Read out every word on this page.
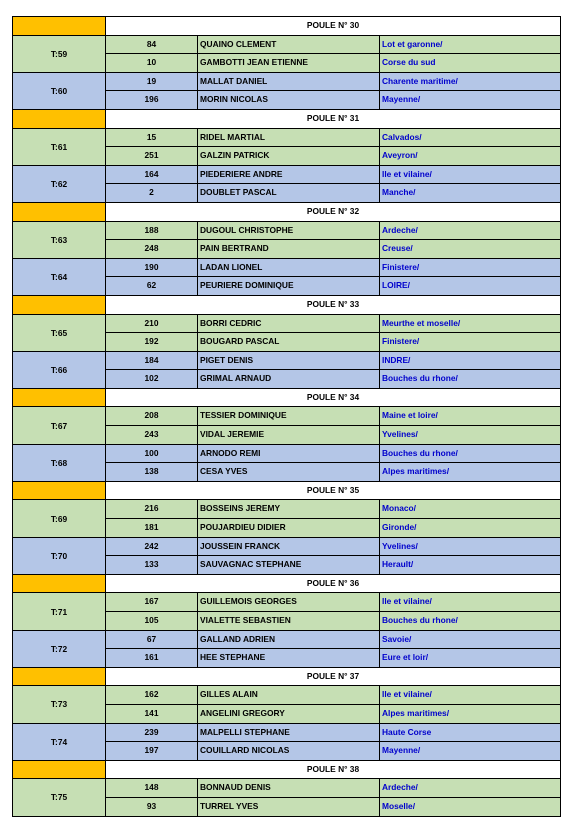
	POULE N° 30		
T:59	84	QUAINO CLEMENT	Lot et garonne/
	10	GAMBOTTI JEAN ETIENNE	Corse du sud
T:60	19	MALLAT DANIEL	Charente maritime/
	196	MORIN NICOLAS	Mayenne/
	POULE N° 31		
T:61	15	RIDEL MARTIAL	Calvados/
	251	GALZIN PATRICK	Aveyron/
T:62	164	PIEDERIERE ANDRE	Ile et vilaine/
	2	DOUBLET PASCAL	Manche/
	POULE N° 32		
T:63	188	DUGOUL CHRISTOPHE	Ardeche/
	248	PAIN BERTRAND	Creuse/
T:64	190	LADAN LIONEL	Finistere/
	62	PEURIERE DOMINIQUE	LOIRE/
	POULE N° 33		
T:65	210	BORRI CEDRIC	Meurthe et moselle/
	192	BOUGARD PASCAL	Finistere/
T:66	184	PIGET DENIS	INDRE/
	102	GRIMAL ARNAUD	Bouches du rhone/
	POULE N° 34		
T:67	208	TESSIER DOMINIQUE	Maine et loire/
	243	VIDAL JEREMIE	Yvelines/
T:68	100	ARNODO REMI	Bouches du rhone/
	138	CESA YVES	Alpes maritimes/
	POULE N° 35		
T:69	216	BOSSEINS JEREMY	Monaco/
	181	POUJARDIEU DIDIER	Gironde/
T:70	242	JOUSSEIN FRANCK	Yvelines/
	133	SAUVAGNAC STEPHANE	Herault/
	POULE N° 36		
T:71	167	GUILLEMOIS GEORGES	Ile et vilaine/
	105	VIALETTE SEBASTIEN	Bouches du rhone/
T:72	67	GALLAND ADRIEN	Savoie/
	161	HEE STEPHANE	Eure et loir/
	POULE N° 37		
T:73	162	GILLES ALAIN	Ile et vilaine/
	141	ANGELINI GREGORY	Alpes maritimes/
T:74	239	MALPELLI STEPHANE	Haute Corse
	197	COUILLARD NICOLAS	Mayenne/
	POULE N° 38		
T:75	148	BONNAUD DENIS	Ardeche/
	93	TURREL YVES	Moselle/
